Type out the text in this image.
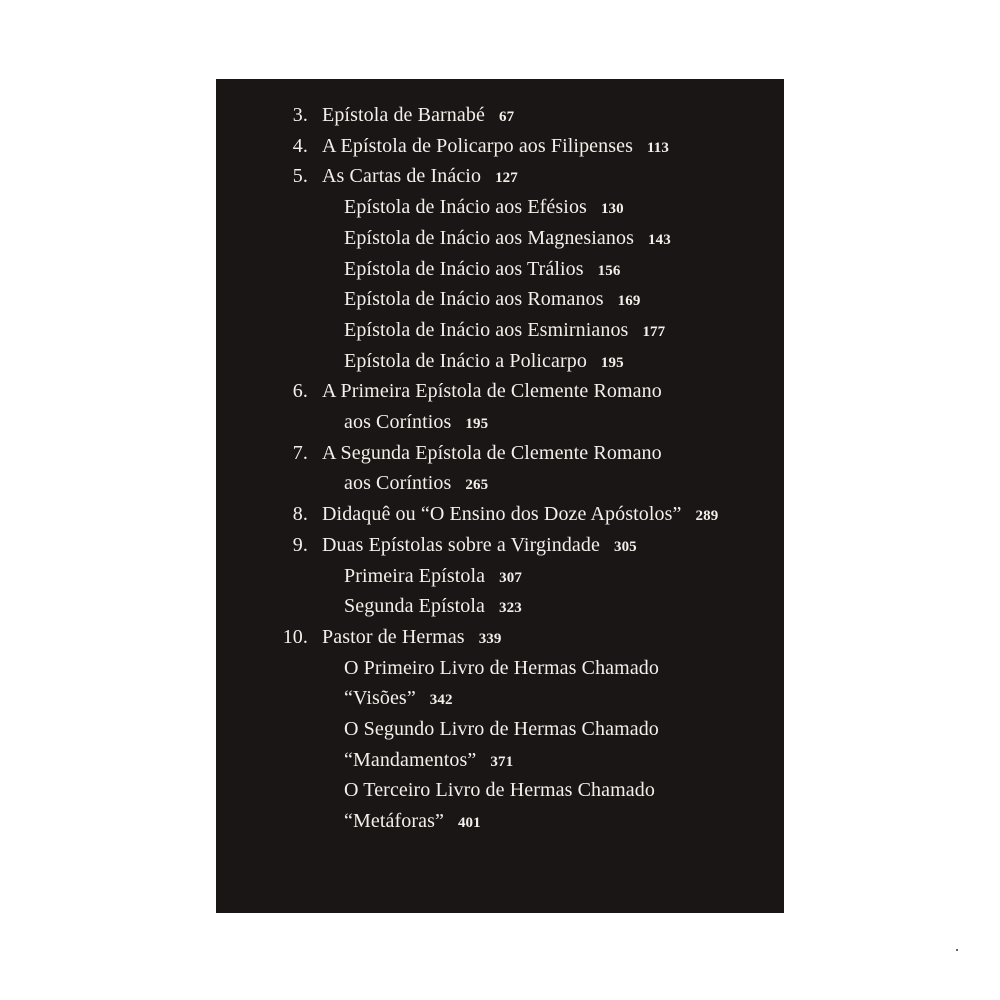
3. Epístola de Barnabé 67
4. A Epístola de Policarpo aos Filipenses 113
5. As Cartas de Inácio 127
Epístola de Inácio aos Efésios 130
Epístola de Inácio aos Magnesianos 143
Epístola de Inácio aos Trálios 156
Epístola de Inácio aos Romanos 169
Epístola de Inácio aos Esmirnianos 177
Epístola de Inácio a Policarpo 195
6. A Primeira Epístola de Clemente Romano
aos Coríntios 195
7. A Segunda Epístola de Clemente Romano
aos Coríntios 265
8. Didaquê ou “O Ensino dos Doze Apóstolos” 289
9. Duas Epístolas sobre a Virgindade 305
Primeira Epístola 307
Segunda Epístola 323
10. Pastor de Hermas 339
O Primeiro Livro de Hermas Chamado
“Visões” 342
O Segundo Livro de Hermas Chamado
“Mandamentos” 371
O Terceiro Livro de Hermas Chamado
“Metáforas” 401
